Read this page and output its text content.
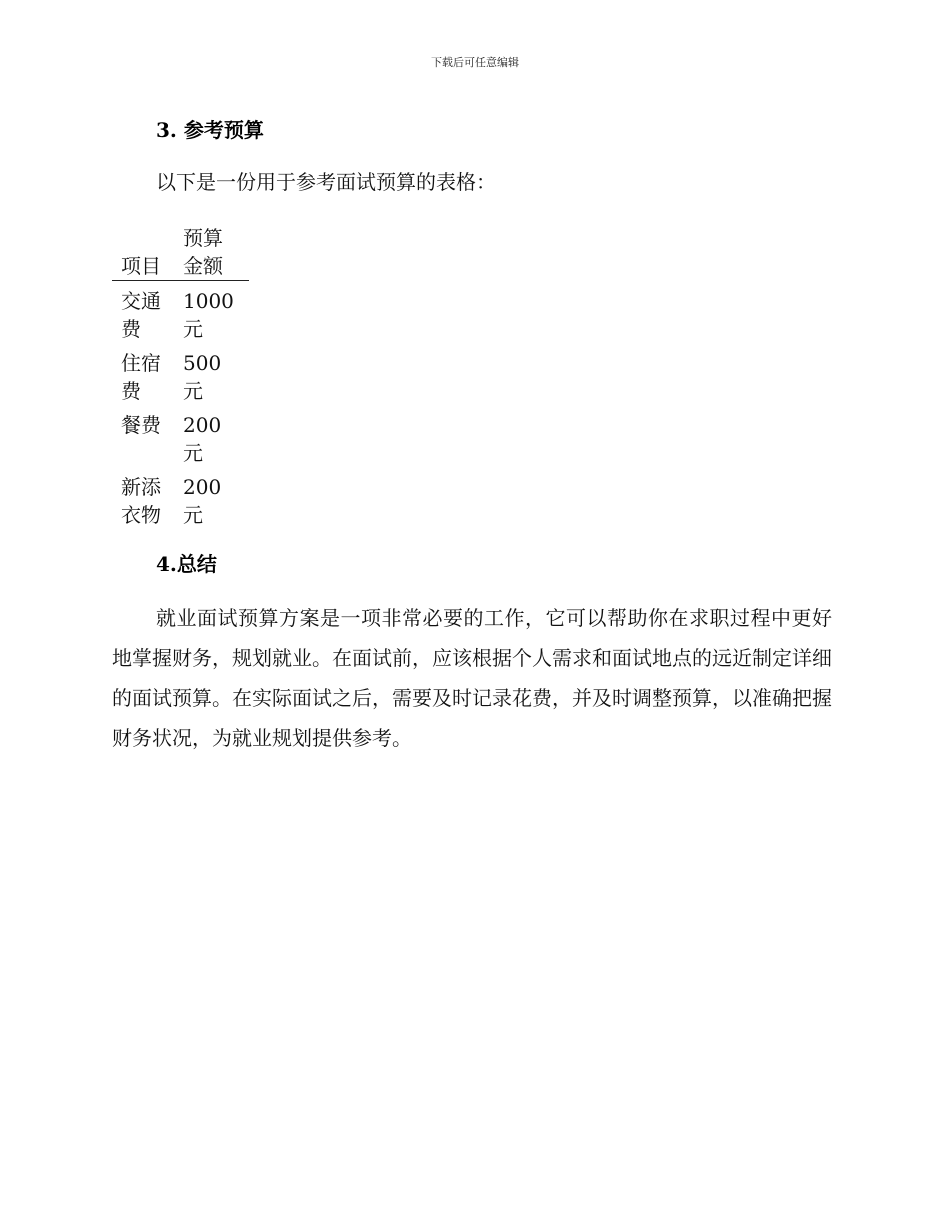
下载后可任意编辑
3. 参考预算
以下是一份用于参考面试预算的表格：
项目	预算金额
交通费	1000元
住宿费	500元
餐费	200元
新添衣物	200元
4.总结

就业面试预算方案是一项非常必要的工作，它可以帮助你在求职过程中更好地掌握财务，规划就业。在面试前，应该根据个人需求和面试地点的远近制定详细的面试预算。在实际面试之后，需要及时记录花费，并及时调整预算，以准确把握财务状况，为就业规划提供参考。
